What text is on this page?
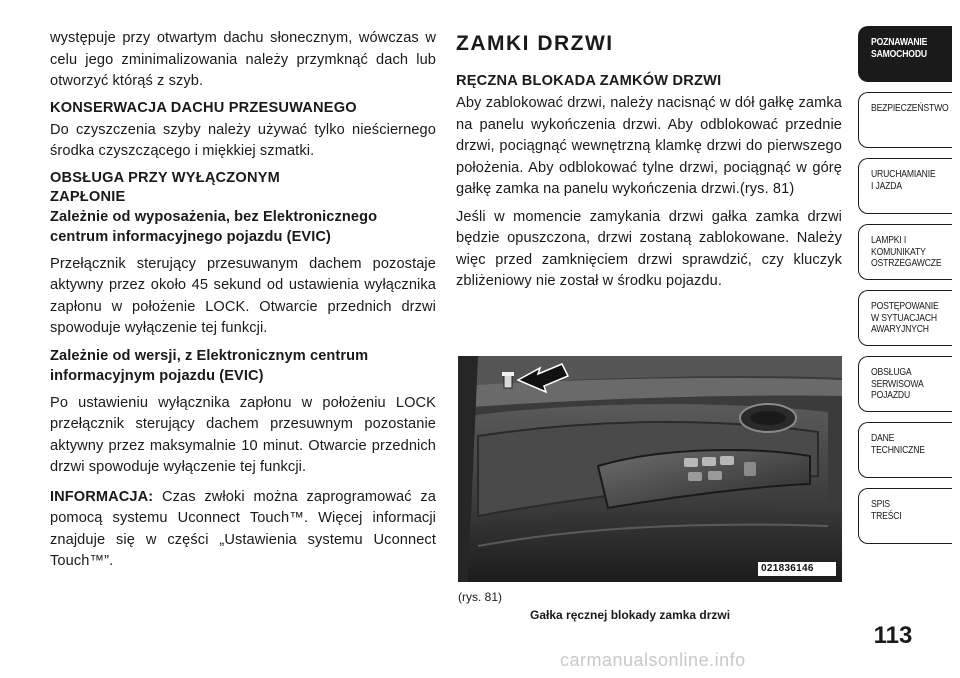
występuje przy otwartym dachu słonecznym, wówczas w celu jego zminimalizowania należy przymknąć dach lub otworzyć którąś z szyb.

KONSERWACJA DACHU PRZESUWANEGO

Do czyszczenia szyby należy używać tylko nieściernego środka czyszczącego i miękkiej szmatki.

OBSŁUGA PRZY WYŁĄCZONYM ZAPŁONIE
Zależnie od wyposażenia, bez Elektronicznego centrum informacyjnego pojazdu (EVIC)

Przełącznik sterujący przesuwanym dachem pozostaje aktywny przez około 45 sekund od ustawienia wyłącznika zapłonu w położenie LOCK. Otwarcie przednich drzwi spowoduje wyłączenie tej funkcji.

Zależnie od wersji, z Elektronicznym centrum informacyjnym pojazdu (EVIC)

Po ustawieniu wyłącznika zapłonu w położeniu LOCK przełącznik sterujący dachem przesuwnym pozostanie aktywny przez maksymalnie 10 minut. Otwarcie przednich drzwi spowoduje wyłączenie tej funkcji.

INFORMACJA: Czas zwłoki można zaprogramować za pomocą systemu Uconnect Touch™. Więcej informacji znajduje się w części „Ustawienia systemu Uconnect Touch™”.

ZAMKI DRZWI
RĘCZNA BLOKADA ZAMKÓW DRZWI

Aby zablokować drzwi, należy nacisnąć w dół gałkę zamka na panelu wykończenia drzwi. Aby odblokować przednie drzwi, pociągnąć wewnętrzną klamkę drzwi do pierwszego położenia. Aby odblokować tylne drzwi, pociągnąć w górę gałkę zamka na panelu wykończenia drzwi.(rys. 81)

Jeśli w momencie zamykania drzwi gałka zamka drzwi będzie opuszczona, drzwi zostaną zablokowane. Należy więc przed zamknięciem drzwi sprawdzić, czy kluczyk zbliżeniowy nie został w środku pojazdu.

021836146
(rys. 81)
Gałka ręcznej blokady zamka drzwi
POZNAWANIE
SAMOCHODU
BEZPIECZEŃSTWO
URUCHAMIANIE
I JAZDA
LAMPKI I
KOMUNIKATY
OSTRZEGAWCZE
POSTĘPOWANIE
W SYTUACJACH
AWARYJNYCH
OBSŁUGA
SERWISOWA
POJAZDU
DANE
TECHNICZNE
SPIS
TREŚCI
113
carmanualsonline.info
